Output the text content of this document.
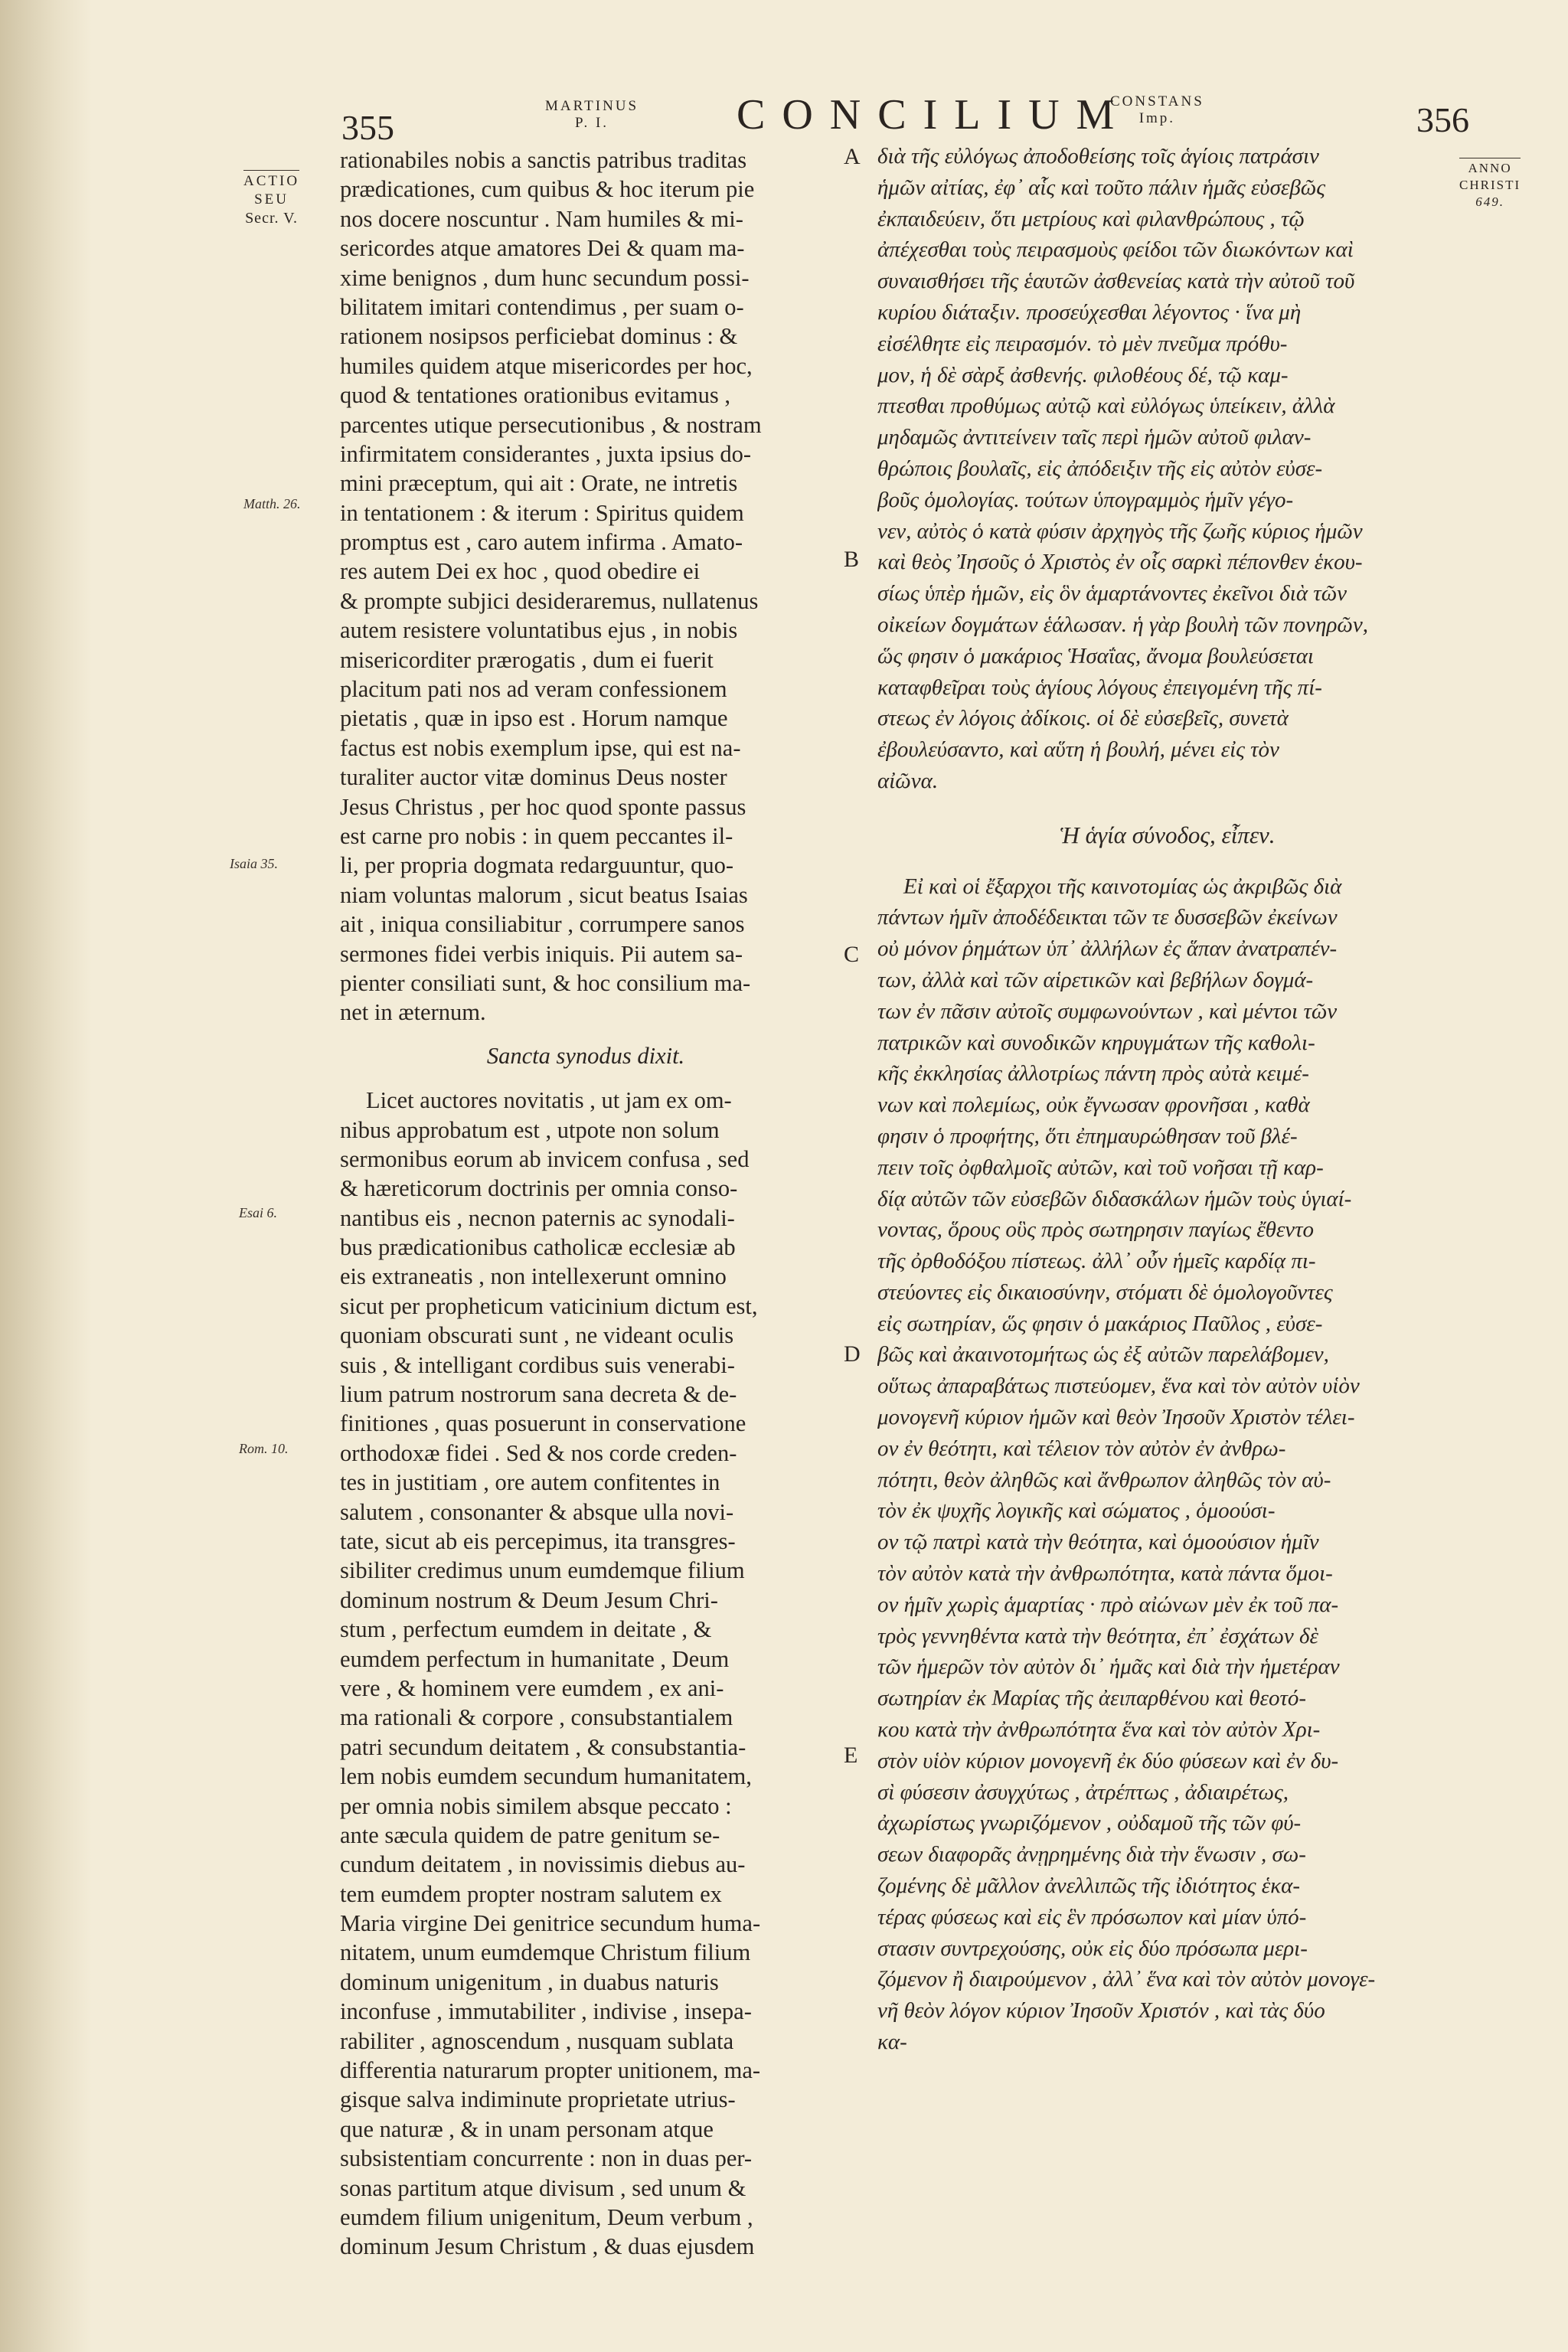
355
MARTINUS
P. I.	CONCILIUM
CONSTANS
Imp.	356
ACTIO
SEU
Secr. V.
ANNO
CHRISTI
649.
Matth. 26.
Isaia 35.
Esai 6.
Rom. 10.
A
B
C
D
E
rationabiles nobis a sanctis patribus traditas
prædicationes, cum quibus & hoc iterum pie
nos docere noscuntur . Nam humiles & mi-
sericordes atque amatores Dei & quam ma-
xime benignos , dum hunc secundum possi-
bilitatem imitari contendimus , per suam o-
rationem nosipsos perficiebat dominus : &
humiles quidem atque misericordes per hoc,
quod & tentationes orationibus evitamus ,
parcentes utique persecutionibus , & nostram
infirmitatem considerantes , juxta ipsius do-
mini præceptum, qui ait : Orate, ne intretis
in tentationem : & iterum : Spiritus quidem
promptus est , caro autem infirma . Amato-
res autem Dei ex hoc , quod obedire ei
& prompte subjici desideraremus, nullatenus
autem resistere voluntatibus ejus , in nobis
misericorditer prærogatis , dum ei fuerit
placitum pati nos ad veram confessionem
pietatis , quæ in ipso est . Horum namque
factus est nobis exemplum ipse, qui est na-
turaliter auctor vitæ dominus Deus noster
Jesus Christus , per hoc quod sponte passus
est carne pro nobis : in quem peccantes il-
li, per propria dogmata redarguuntur, quo-
niam voluntas malorum , sicut beatus Isaias
ait , iniqua consiliabitur , corrumpere sanos
sermones fidei verbis iniquis. Pii autem sa-
pienter consiliati sunt, & hoc consilium ma-
net in æternum.
Sancta synodus dixit.
Licet auctores novitatis , ut jam ex om-
nibus approbatum est , utpote non solum
sermonibus eorum ab invicem confusa , sed
& hæreticorum doctrinis per omnia conso-
nantibus eis , necnon paternis ac synodali-
bus prædicationibus catholicæ ecclesiæ ab
eis extraneatis , non intellexerunt omnino
sicut per propheticum vaticinium dictum est,
quoniam obscurati sunt , ne videant oculis
suis , & intelligant cordibus suis venerabi-
lium patrum nostrorum sana decreta & de-
finitiones , quas posuerunt in conservatione
orthodoxæ fidei . Sed & nos corde creden-
tes in justitiam , ore autem confitentes in
salutem , consonanter & absque ulla novi-
tate, sicut ab eis percepimus, ita transgres-
sibiliter credimus unum eumdemque filium
dominum nostrum & Deum Jesum Chri-
stum , perfectum eumdem in deitate , &
eumdem perfectum in humanitate , Deum
vere , & hominem vere eumdem , ex ani-
ma rationali & corpore , consubstantialem
patri secundum deitatem , & consubstantia-
lem nobis eumdem secundum humanitatem,
per omnia nobis similem absque peccato :
ante sæcula quidem de patre genitum se-
cundum deitatem , in novissimis diebus au-
tem eumdem propter nostram salutem ex
Maria virgine Dei genitrice secundum huma-
nitatem, unum eumdemque Christum filium
dominum unigenitum , in duabus naturis
inconfuse , immutabiliter , indivise , insepa-
rabiliter , agnoscendum , nusquam sublata
differentia naturarum propter unitionem, ma-
gisque salva indiminute proprietate utrius-
que naturæ , & in unam personam atque
subsistentiam concurrente : non in duas per-
sonas partitum atque divisum , sed unum &
eumdem filium unigenitum, Deum verbum ,
dominum Jesum Christum , & duas ejusdem
διὰ τῆς εὐλόγως ἀποδοθείσης τοῖς ἁγίοις πατράσιν
ἡμῶν αἰτίας, ἐφ᾽ αἷς καὶ τοῦτο πάλιν ἡμᾶς εὐσεβῶς
ἐκπαιδεύειν, ὅτι μετρίους καὶ φιλανθρώπους , τῷ
ἀπέχεσθαι τοὺς πειρασμοὺς φείδοι τῶν διωκόντων καὶ
συναισθήσει τῆς ἑαυτῶν ἀσθενείας κατὰ τὴν αὐτοῦ τοῦ
κυρίου διάταξιν. προσεύχεσθαι λέγοντος · ἵνα μὴ
εἰσέλθητε εἰς πειρασμόν. τὸ μὲν πνεῦμα πρόθυ-
μον, ἡ δὲ σὰρξ ἀσθενής. φιλοθέους δέ, τῷ καμ-
πτεσθαι προθύμως αὐτῷ καὶ εὐλόγως ὑπείκειν, ἀλλὰ
μηδαμῶς ἀντιτείνειν ταῖς περὶ ἡμῶν αὐτοῦ φιλαν-
θρώποις βουλαῖς, εἰς ἀπόδειξιν τῆς εἰς αὐτὸν εὐσε-
βοῦς ὁμολογίας. τούτων ὑπογραμμὸς ἡμῖν γέγο-
νεν, αὐτὸς ὁ κατὰ φύσιν ἀρχηγὸς τῆς ζωῆς κύριος ἡμῶν
καὶ θεὸς Ἰησοῦς ὁ Χριστὸς ἐν οἷς σαρκὶ πέπονθεν ἑκου-
σίως ὑπὲρ ἡμῶν, εἰς ὃν ἁμαρτάνοντες ἐκεῖνοι διὰ τῶν
οἰκείων δογμάτων ἑάλωσαν. ἡ γὰρ βουλὴ τῶν πονηρῶν,
ὥς φησιν ὁ μακάριος Ἡσαΐας, ἄνομα βουλεύσεται
καταφθεῖραι τοὺς ἁγίους λόγους ἐπειγομένη τῆς πί-
στεως ἐν λόγοις ἀδίκοις. οἱ δὲ εὐσεβεῖς, συνετὰ
ἐβουλεύσαντο, καὶ αὕτη ἡ βουλή, μένει εἰς τὸν
αἰῶνα.
Ἡ ἁγία σύνοδος, εἶπεν.
Εἰ καὶ οἱ ἔξαρχοι τῆς καινοτομίας ὡς ἀκριβῶς διὰ
πάντων ἡμῖν ἀποδέδεικται τῶν τε δυσσεβῶν ἐκείνων
οὐ μόνον ῥημάτων ὑπ᾽ ἀλλήλων ἐς ἅπαν ἀνατραπέν-
των, ἀλλὰ καὶ τῶν αἱρετικῶν καὶ βεβήλων δογμά-
των ἐν πᾶσιν αὐτοῖς συμφωνούντων , καὶ μέντοι τῶν
πατρικῶν καὶ συνοδικῶν κηρυγμάτων τῆς καθολι-
κῆς ἐκκλησίας ἀλλοτρίως πάντη πρὸς αὐτὰ κειμέ-
νων καὶ πολεμίως, οὐκ ἔγνωσαν φρονῆσαι , καθὰ
φησιν ὁ προφήτης, ὅτι ἐπημαυρώθησαν τοῦ βλέ-
πειν τοῖς ὀφθαλμοῖς αὐτῶν, καὶ τοῦ νοῆσαι τῇ καρ-
δίᾳ αὐτῶν τῶν εὐσεβῶν διδασκάλων ἡμῶν τοὺς ὑγιαί-
νοντας, ὅρους οὓς πρὸς σωτηρησιν παγίως ἔθεντο
τῆς ὀρθοδόξου πίστεως. ἀλλ᾽ οὖν ἡμεῖς καρδίᾳ πι-
στεύοντες εἰς δικαιοσύνην, στόματι δὲ ὁμολογοῦντες
εἰς σωτηρίαν, ὥς φησιν ὁ μακάριος Παῦλος , εὐσε-
βῶς καὶ ἀκαινοτομήτως ὡς ἐξ αὐτῶν παρελάβομεν,
οὕτως ἀπαραβάτως πιστεύομεν, ἕνα καὶ τὸν αὐτὸν υἱὸν
μονογενῆ κύριον ἡμῶν καὶ θεὸν Ἰησοῦν Χριστὸν τέλει-
ον ἐν θεότητι, καὶ τέλειον τὸν αὐτὸν ἐν ἀνθρω-
πότητι, θεὸν ἀληθῶς καὶ ἄνθρωπον ἀληθῶς τὸν αὐ-
τὸν ἐκ ψυχῆς λογικῆς καὶ σώματος , ὁμοούσι-
ον τῷ πατρὶ κατὰ τὴν θεότητα, καὶ ὁμοούσιον ἡμῖν
τὸν αὐτὸν κατὰ τὴν ἀνθρωπότητα, κατὰ πάντα ὅμοι-
ον ἡμῖν χωρὶς ἁμαρτίας · πρὸ αἰώνων μὲν ἐκ τοῦ πα-
τρὸς γεννηθέντα κατὰ τὴν θεότητα, ἐπ᾽ ἐσχάτων δὲ
τῶν ἡμερῶν τὸν αὐτὸν δι᾽ ἡμᾶς καὶ διὰ τὴν ἡμετέραν
σωτηρίαν ἐκ Μαρίας τῆς ἀειπαρθένου καὶ θεοτό-
κου κατὰ τὴν ἀνθρωπότητα ἕνα καὶ τὸν αὐτὸν Χρι-
στὸν υἱὸν κύριον μονογενῆ ἐκ δύο φύσεων καὶ ἐν δυ-
σὶ φύσεσιν ἀσυγχύτως , ἀτρέπτως , ἀδιαιρέτως,
ἀχωρίστως γνωριζόμενον , οὐδαμοῦ τῆς τῶν φύ-
σεων διαφορᾶς ἀνῃρημένης διὰ τὴν ἕνωσιν , σω-
ζομένης δὲ μᾶλλον ἀνελλιπῶς τῆς ἰδιότητος ἑκα-
τέρας φύσεως καὶ εἰς ἓν πρόσωπον καὶ μίαν ὑπό-
στασιν συντρεχούσης, οὐκ εἰς δύο πρόσωπα μερι-
ζόμενον ἢ διαιρούμενον , ἀλλ᾽ ἕνα καὶ τὸν αὐτὸν μονογε-
νῆ θεὸν λόγον κύριον Ἰησοῦν Χριστόν , καὶ τὰς δύο
κα-
